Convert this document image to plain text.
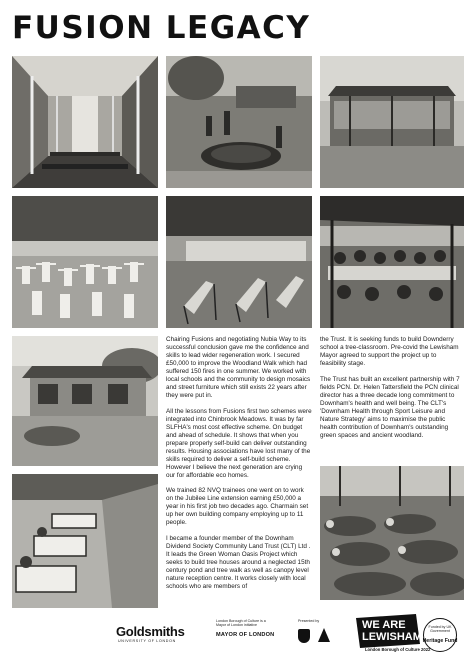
FUSION LEGACY

Chairing Fusions and negotiating Nubia Way to its successful conclusion gave me the confidence and skills to lead wider regeneration work. I secured £50,000 to improve the Woodland Walk which had suffered 150 fires in one summer. We worked with local schools and the community to design mosaics and street furniture which still exists 22 years after they were put in.

All the lessons from Fusions first two schemes were integrated into Chinbrook Meadows. It was by far SLFHA's most cost effective scheme. On budget and ahead of schedule. It shows that when you prepare properly self-build can deliver outstanding results. Housing associations have lost many of the skills required to deliver a self-build scheme. However I believe the next generation are crying our for affordable eco homes.

We trained 82 NVQ trainees one went on to work on the Jubilee Line extension earning £50,000 a year in his first job two decades ago. Charmain set up her own building company employing up to 11 people.

I became a founder member of the Downham Dividend Society Community Land Trust (CLT) Ltd . It leads the Green Woman Oasis Project which seeks to build tree houses around a neglected 15th century pond and tree walk as well as canopy level nature reception centre. It works closely with local schools who are members of

the Trust. It is seeking funds to build Downderry school a tree-classroom. Pre-covid the Lewisham Mayor agreed to support the project up to feasibility stage.

The Trust has built an excellent partnership with 7 fields PCN. Dr. Helen Tattersfield the PCN clinical director has a three decade long commitment to Downham's health and well being. The CLT's 'Downham Health through Sport Leisure and Nature Strategy' aims to maximise the public health contribution of Downham's outstanding green spaces and ancient woodland.

Goldsmiths
UNIVERSITY OF LONDON
London Borough of Culture is a Mayor of London initiative
MAYOR OF LONDON
Presented by	WE ARE LEWISHAM
London Borough of Culture 2022
Funded by UK Government
Heritage Fund
